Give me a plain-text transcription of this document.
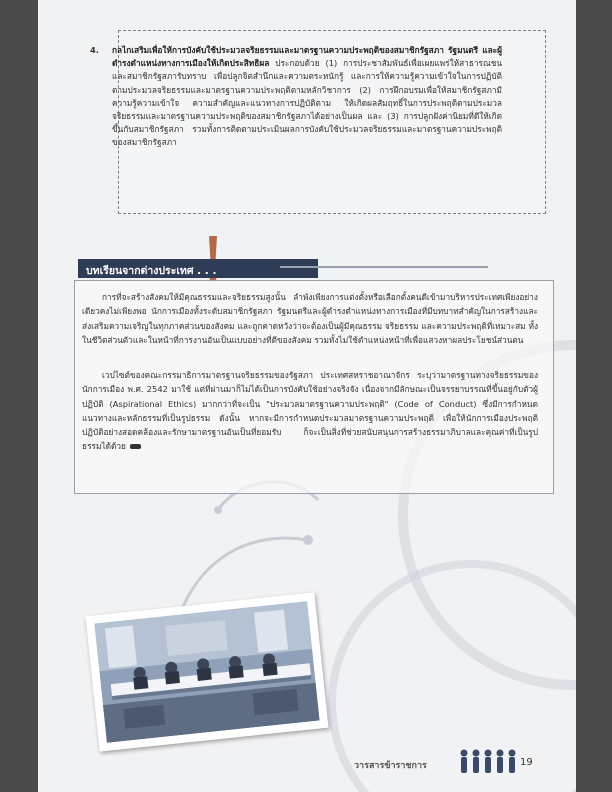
4. กลไกเสริมเพื่อให้การบังคับใช้ประมวลจริยธรรมและมาตรฐานความประพฤติของสมาชิกรัฐสภา รัฐมนตรี และผู้ดำรงตำแหน่งทางการเมืองให้เกิดประสิทธิผล ประกอบด้วย (1) การประชาสัมพันธ์เพื่อเผยแพร่ให้สาธารณชนและสมาชิกรัฐสภารับทราบ เพื่อปลูกจิตสำนึกและความตระหนักรู้ และการให้ความรู้ความเข้าใจในการปฏิบัติตามประมวลจริยธรรมและมาตรฐานความประพฤติตามหลักวิชาการ (2) การฝึกอบรมเพื่อให้สมาชิกรัฐสภามีความรู้ความเข้าใจ ความสำคัญและแนวทางการปฏิบัติตาม ให้เกิดผลสัมฤทธิ์ในการประพฤติตามประมวลจริยธรรมและมาตรฐานความประพฤติของสมาชิกรัฐสภาได้อย่างเป็นผล และ (3) การปลูกฝังค่านิยมที่ดีให้เกิดขึ้นกับสมาชิกรัฐสภา รวมทั้งการติดตามประเมินผลการบังคับใช้ประมวลจริยธรรมและมาตรฐานความประพฤติของสมาชิกรัฐสภา
บทเรียนจากต่างประเทศ . . .
การที่จะสร้างสังคมให้มีคุณธรรมและจริยธรรมสูงนั้น ลำพังเพียงการแต่งตั้งหรือเลือกตั้งคนดีเข้ามาบริหารประเทศเพียงอย่างเดียวคงไม่เพียงพอ นักการเมืองทั้งระดับสมาชิกรัฐสภา รัฐมนตรีและผู้ดำรงตำแหน่งทางการเมืองที่มีบทบาทสำคัญในการสร้างและส่งเสริมความเจริญในทุกภาคส่วนของสังคม และถูกคาดหวังว่าจะต้องเป็นผู้มีคุณธรรม จริยธรรม และความประพฤติที่เหมาะสม ทั้งในชีวิตส่วนตัวและในหน้าที่การงานอันเป็นแบบอย่างที่ดีของสังคม รวมทั้งไม่ใช้ตำแหน่งหน้าที่เพื่อแสวงหาผลประโยชน์ส่วนตน
เวปไซต์ของคณะกรรมาธิการมาตรฐานจริยธรรมของรัฐสภา ประเทศสหราชอาณาจักร ระบุว่ามาตรฐานทางจริยธรรมของนักการเมือง พ.ศ. 2542 มาใช้ แต่ที่ผ่านมาก็ไม่ได้เป็นการบังคับใช้อย่างจริงจัง เนื่องจากมีลักษณะเป็นจรรยาบรรณที่ขึ้นอยู่กับตัวผู้ปฏิบัติ (Aspirational Ethics) มากกว่าที่จะเป็น "ประมวลมาตรฐานความประพฤติ" (Code of Conduct) ซึ่งมีการกำหนดแนวทางและหลักธรรมที่เป็นรูปธรรม ดังนั้น หากจะมีการกำหนดประมวลมาตรฐานความประพฤติ เพื่อให้นักการเมืองประพฤติปฏิบัติอย่างสอดคล้องและรักษามาตรฐานอันเป็นที่ยอมรับ ก็จะเป็นสิ่งที่ช่วยสนับสนุนการสร้างธรรมาภิบาลและคุณค่าที่เป็นรูปธรรมได้ด้วย
วารสารข้าราชการ	19
